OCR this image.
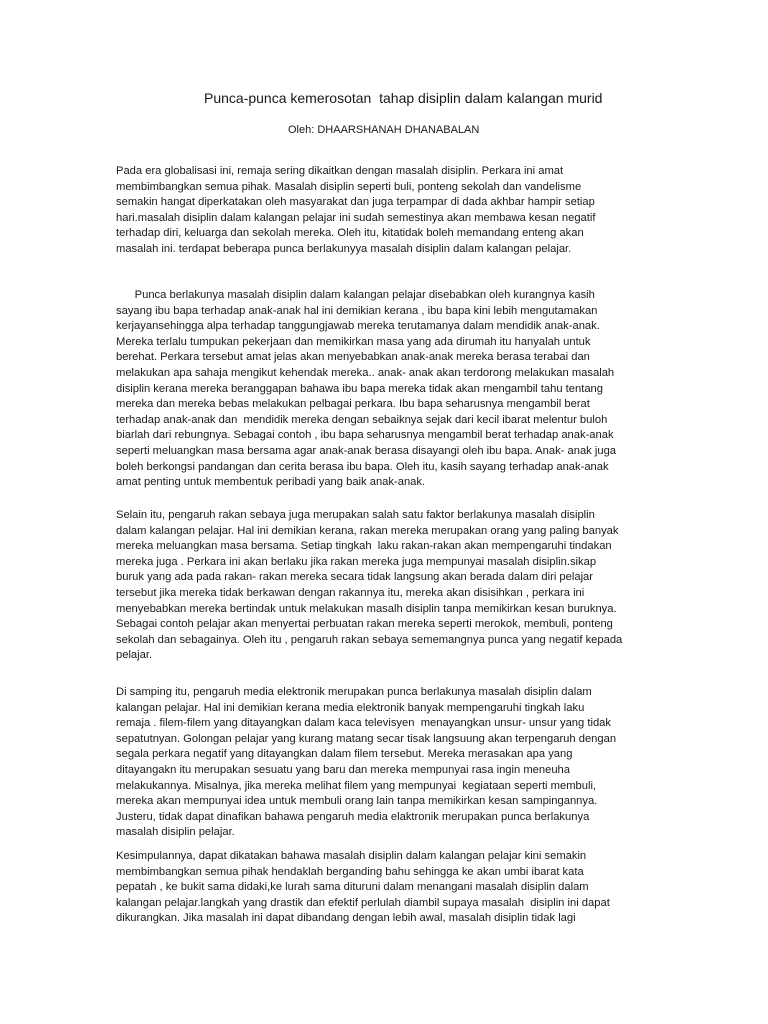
Punca-punca kemerosotan  tahap disiplin dalam kalangan murid
Oleh: DHAARSHANAH DHANABALAN
Pada era globalisasi ini, remaja sering dikaitkan dengan masalah disiplin. Perkara ini amat
membimbangkan semua pihak. Masalah disiplin seperti buli, ponteng sekolah dan vandelisme
semakin hangat diperkatakan oleh masyarakat dan juga terpampar di dada akhbar hampir setiap
hari.masalah disiplin dalam kalangan pelajar ini sudah semestinya akan membawa kesan negatif
terhadap diri, keluarga dan sekolah mereka. Oleh itu, kitatidak boleh memandang enteng akan
masalah ini. terdapat beberapa punca berlakunyya masalah disiplin dalam kalangan pelajar.
Punca berlakunya masalah disiplin dalam kalangan pelajar disebabkan oleh kurangnya kasih
sayang ibu bapa terhadap anak-anak hal ini demikian kerana , ibu bapa kini lebih mengutamakan
kerjayansehingga alpa terhadap tanggungjawab mereka terutamanya dalam mendidik anak-anak.
Mereka terlalu tumpukan pekerjaan dan memikirkan masa yang ada dirumah itu hanyalah untuk
berehat. Perkara tersebut amat jelas akan menyebabkan anak-anak mereka berasa terabai dan
melakukan apa sahaja mengikut kehendak mereka.. anak- anak akan terdorong melakukan masalah
disiplin kerana mereka beranggapan bahawa ibu bapa mereka tidak akan mengambil tahu tentang
mereka dan mereka bebas melakukan pelbagai perkara. Ibu bapa seharusnya mengambil berat
terhadap anak-anak dan  mendidik mereka dengan sebaiknya sejak dari kecil ibarat melentur buloh
biarlah dari rebungnya. Sebagai contoh , ibu bapa seharusnya mengambil berat terhadap anak-anak
seperti meluangkan masa bersama agar anak-anak berasa disayangi oleh ibu bapa. Anak- anak juga
boleh berkongsi pandangan dan cerita berasa ibu bapa. Oleh itu, kasih sayang terhadap anak-anak
amat penting untuk membentuk peribadi yang baik anak-anak.
Selain itu, pengaruh rakan sebaya juga merupakan salah satu faktor berlakunya masalah disiplin
dalam kalangan pelajar. Hal ini demikian kerana, rakan mereka merupakan orang yang paling banyak
mereka meluangkan masa bersama. Setiap tingkah  laku rakan-rakan akan mempengaruhi tindakan
mereka juga . Perkara ini akan berlaku jika rakan mereka juga mempunyai masalah disiplin.sikap
buruk yang ada pada rakan- rakan mereka secara tidak langsung akan berada dalam diri pelajar
tersebut jika mereka tidak berkawan dengan rakannya itu, mereka akan disisihkan , perkara ini
menyebabkan mereka bertindak untuk melakukan masalh disiplin tanpa memikirkan kesan buruknya.
Sebagai contoh pelajar akan menyertai perbuatan rakan mereka seperti merokok, membuli, ponteng
sekolah dan sebagainya. Oleh itu , pengaruh rakan sebaya sememangnya punca yang negatif kepada
pelajar.
Di samping itu, pengaruh media elektronik merupakan punca berlakunya masalah disiplin dalam
kalangan pelajar. Hal ini demikian kerana media elektronik banyak mempengaruhi tingkah laku
remaja . filem-filem yang ditayangkan dalam kaca televisyen  menayangkan unsur- unsur yang tidak
sepatutnyan. Golongan pelajar yang kurang matang secar tisak langsuung akan terpengaruh dengan
segala perkara negatif yang ditayangkan dalam filem tersebut. Mereka merasakan apa yang
ditayangakn itu merupakan sesuatu yang baru dan mereka mempunyai rasa ingin meneuha
melakukannya. Misalnya, jika mereka melihat filem yang mempunyai  kegiataan seperti membuli,
mereka akan mempunyai idea untuk membuli orang lain tanpa memikirkan kesan sampingannya.
Justeru, tidak dapat dinafikan bahawa pengaruh media elaktronik merupakan punca berlakunya
masalah disiplin pelajar.
Kesimpulannya, dapat dikatakan bahawa masalah disiplin dalam kalangan pelajar kini semakin
membimbangkan semua pihak hendaklah berganding bahu sehingga ke akan umbi ibarat kata
pepatah , ke bukit sama didaki,ke lurah sama dituruni dalam menangani masalah disiplin dalam
kalangan pelajar.langkah yang drastik dan efektif perlulah diambil supaya masalah  disiplin ini dapat
dikurangkan. Jika masalah ini dapat dibandang dengan lebih awal, masalah disiplin tidak lagi
